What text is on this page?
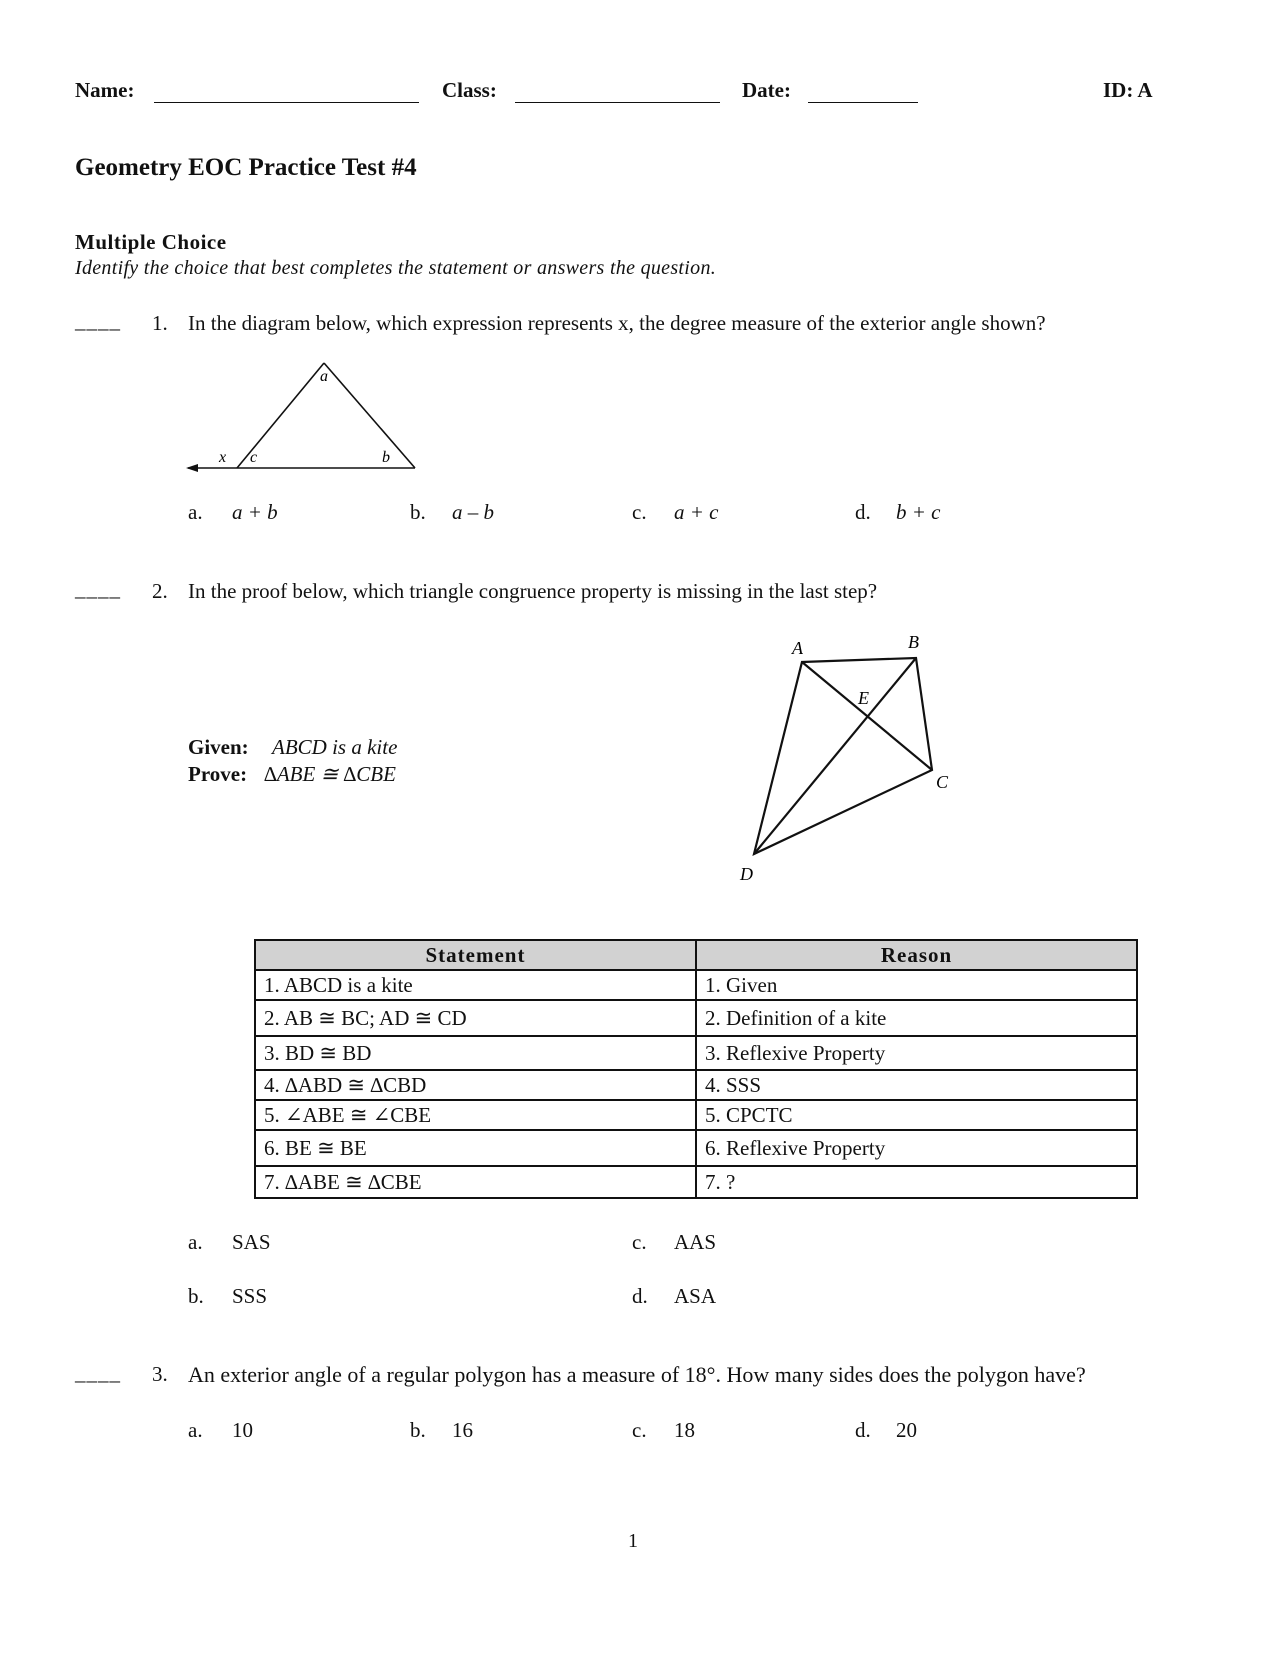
Name:	Class:	Date:	ID: A
Geometry EOC Practice Test #4
Multiple Choice
Identify the choice that best completes the statement or answers the question.
____ 1. In the diagram below, which expression represents x, the degree measure of the exterior angle shown?
a
x c	b
a. a + b	b. a – b	c. a + c	d. b + c
____ 2. In the proof below, which triangle congruence property is missing in the last step?
Given: ABCD is a kite
Prove: ∆ABE ≅ ∆CBE
A	B
E
C
D
Statement	Reason
1. ABCD is a kite	1. Given
2. AB ≅ BC; AD ≅ CD	2. Definition of a kite
3. BD ≅ BD	3. Reflexive Property
4. ∆ABD ≅ ∆CBD	4. SSS
5. ∠ABE ≅ ∠CBE	5. CPCTC
6. BE ≅ BE	6. Reflexive Property
7. ∆ABE ≅ ∆CBE	7. ?
a. SAS
b. SSS
c. AAS
d. ASA
____ 3. An exterior angle of a regular polygon has a measure of 18°. How many sides does the polygon have?
a. 10	b. 16	c. 18	d. 20
1
